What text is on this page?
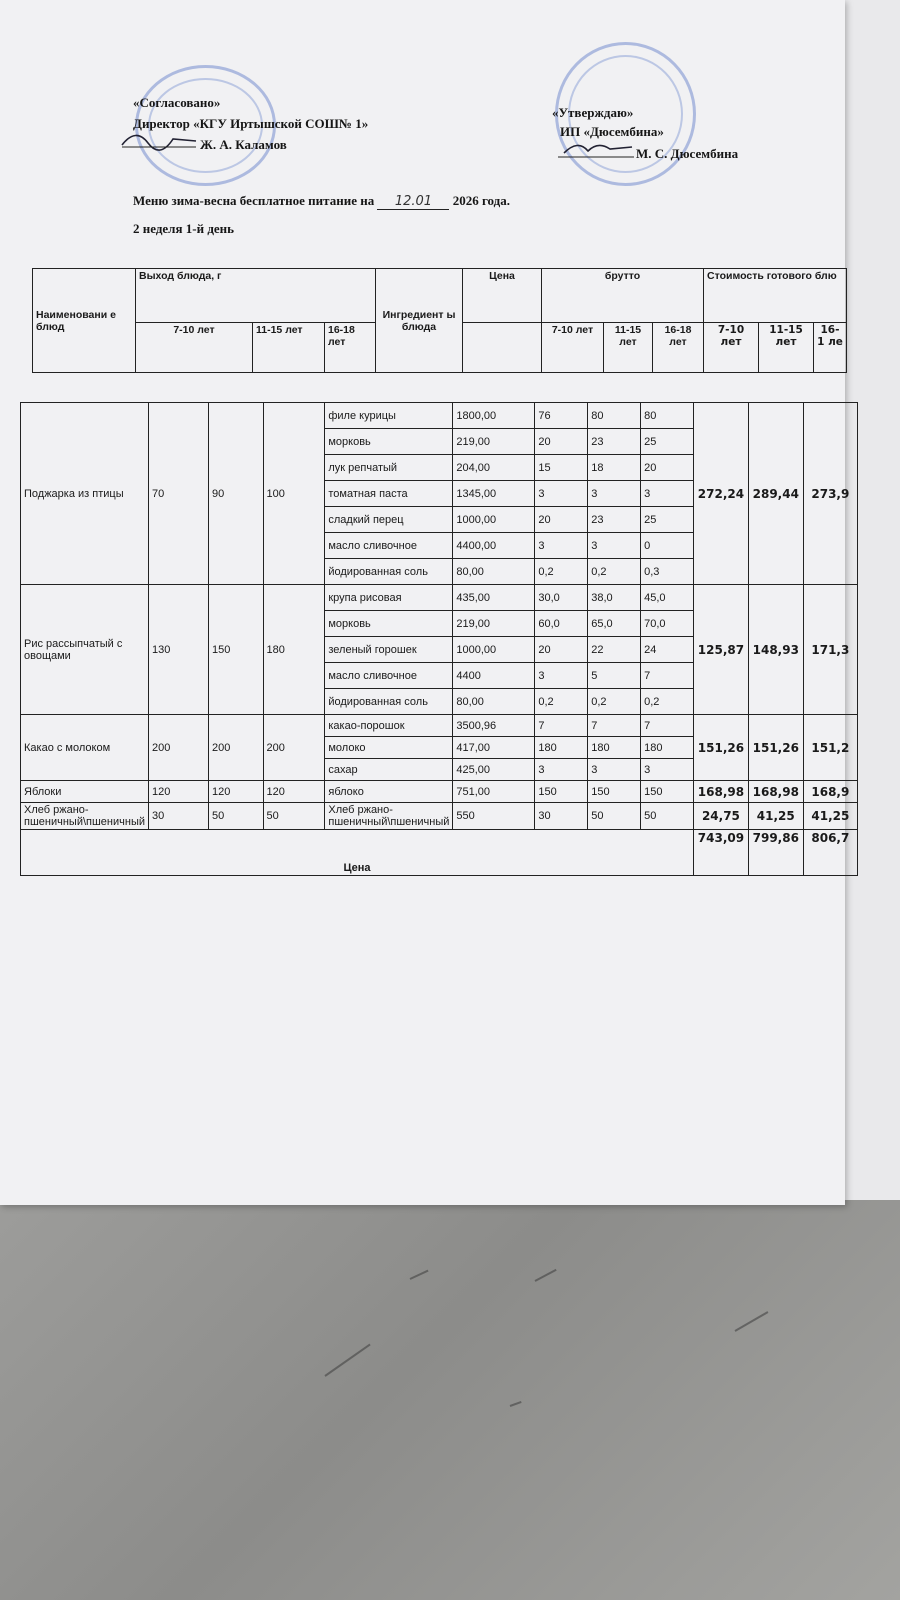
«Согласовано»
Директор «КГУ Иртышской СОШ№ 1»
Ж. А. Каламов
«Утверждаю»
ИП «Дюсембина»
М. С. Дюсембина
Меню зима-весна бесплатное питание на 12.01 2026 года.
2 неделя 1-й день
Наименовани е блюд	Выход блюда, г			Ингредиент ы блюда	Цена	брутто			Стоимость готового блю		
	7-10 лет	11-15 лет	16-18 лет			7-10 лет	11-15 лет	16-18 лет	7-10 лет	11-15 лет	16-1 ле
Поджарка из птицы	70	90	100	филе курицы	1800,00	76	80	80	272,24	289,44	273,9
				морковь	219,00	20	23	25			
				лук репчатый	204,00	15	18	20			
				томатная паста	1345,00	3	3	3			
				сладкий перец	1000,00	20	23	25			
				масло сливочное	4400,00	3	3	0			
				йодированная соль	80,00	0,2	0,2	0,3			
Рис рассыпчатый с овощами	130	150	180	крупа рисовая	435,00	30,0	38,0	45,0	125,87	148,93	171,3
				морковь	219,00	60,0	65,0	70,0			
				зеленый горошек	1000,00	20	22	24			
				масло сливочное	4400	3	5	7			
				йодированная соль	80,00	0,2	0,2	0,2			
Какао с молоком	200	200	200	какао-порошок	3500,96	7	7	7	151,26	151,26	151,2
				молоко	417,00	180	180	180			
				сахар	425,00	3	3	3			
Яблоки	120	120	120	яблоко	751,00	150	150	150	168,98	168,98	168,9
Хлеб ржано-пшеничный\пшеничный	30	50	50	Хлеб ржано-пшеничный\пшеничный	550	30	50	50	24,75	41,25	41,25
Цена									743,09	799,86	806,7
